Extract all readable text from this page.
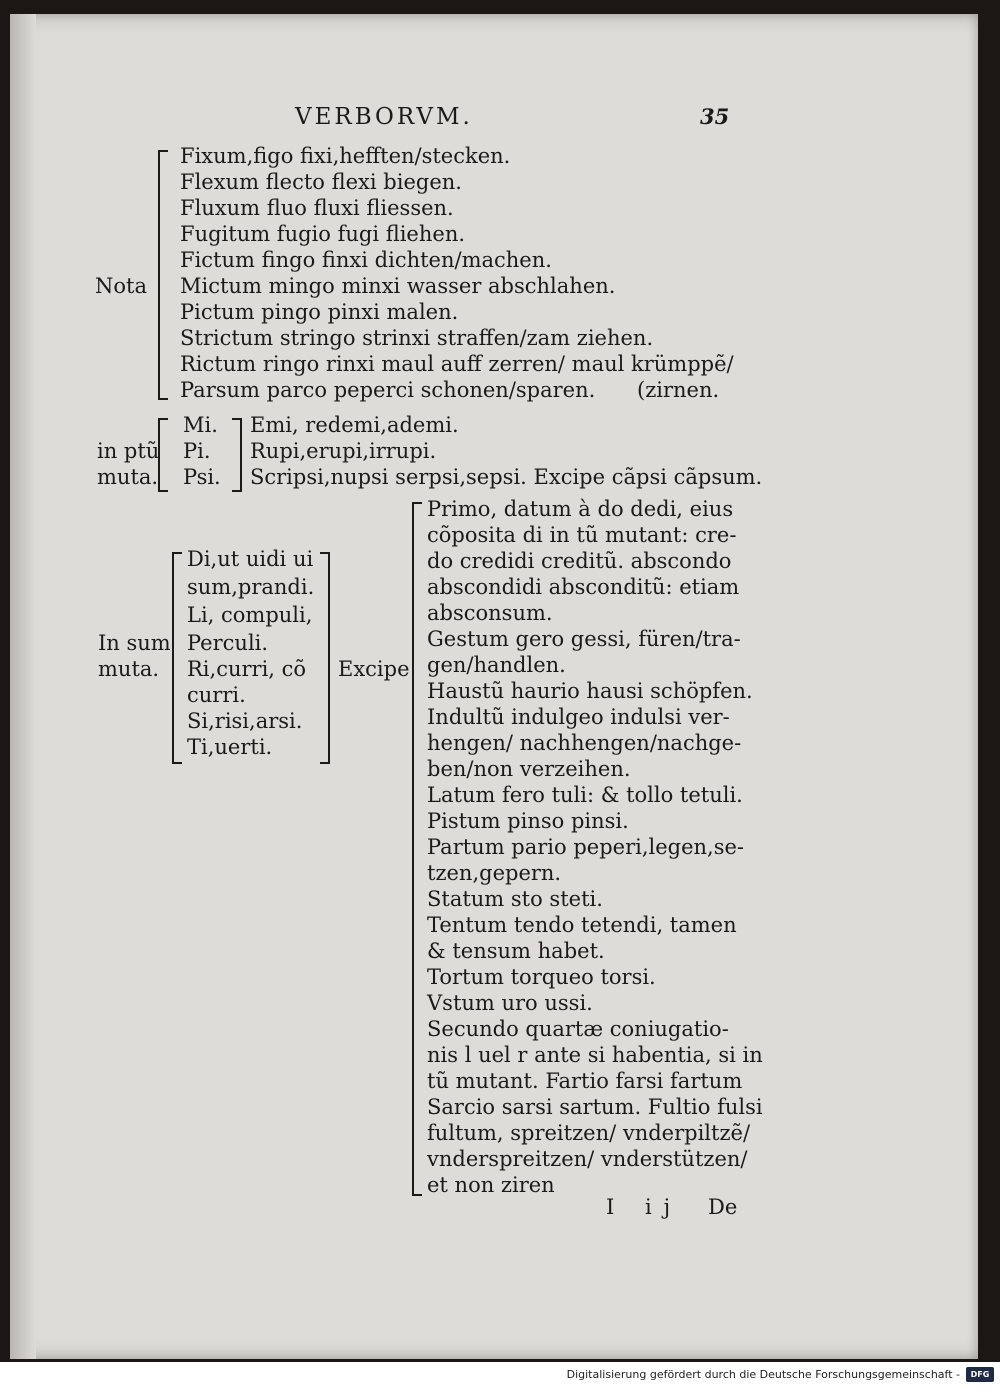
VERBORVM.	35
Nota
Fixum,figo fixi,hefften/stecken.
Flexum flecto flexi biegen.
Fluxum fluo fluxi fliessen.
Fugitum fugio fugi fliehen.
Fictum fingo finxi dichten/machen.
Mictum mingo minxi wasser abschlahen.
Pictum pingo pinxi malen.
Strictum stringo strinxi straffen/zam ziehen.
Rictum ringo rinxi maul auff zerren/ maul krümppẽ/
Parsum parco peperci schonen/sparen. (zirnen.
in ptũ
muta.
Mi.
Pi.
Psi.
Emi, redemi,ademi.
Rupi,erupi,irrupi.
Scripsi,nupsi serpsi,sepsi. Excipe cãpsi cãpsum.
In sum
muta.
Di,ut uidi ui
sum,prandi.
Li, compuli,
Perculi.
Ri,curri, cõ
curri.
Si,risi,arsi.
Ti,uerti.
Excipe
Primo, datum à do dedi, eius
cõposita di in tũ mutant: cre-
do credidi creditũ. abscondo
abscondidi absconditũ: etiam
absconsum.
Gestum gero gessi, füren/tra-
gen/handlen.
Haustũ haurio hausi schöpfen.
Indultũ indulgeo indulsi ver-
hengen/ nachhengen/nachge-
ben/non verzeihen.
Latum fero tuli: & tollo tetuli.
Pistum pinso pinsi.
Partum pario peperi,legen,se-
tzen,gepern.
Statum sto steti.
Tentum tendo tetendi, tamen
& tensum habet.
Tortum torqueo torsi.
Vstum uro ussi.
Secundo quartæ coniugatio-
nis l uel r ante si habentia, si in
tũ mutant. Fartio farsi fartum
Sarcio sarsi sartum. Fultio fulsi
fultum, spreitzen/ vnderpiltzẽ/
vnderspreitzen/ vnderstützen/
et non ziren
I ij De
Digitalisierung gefördert durch die Deutsche Forschungsgemeinschaft -	DFG
